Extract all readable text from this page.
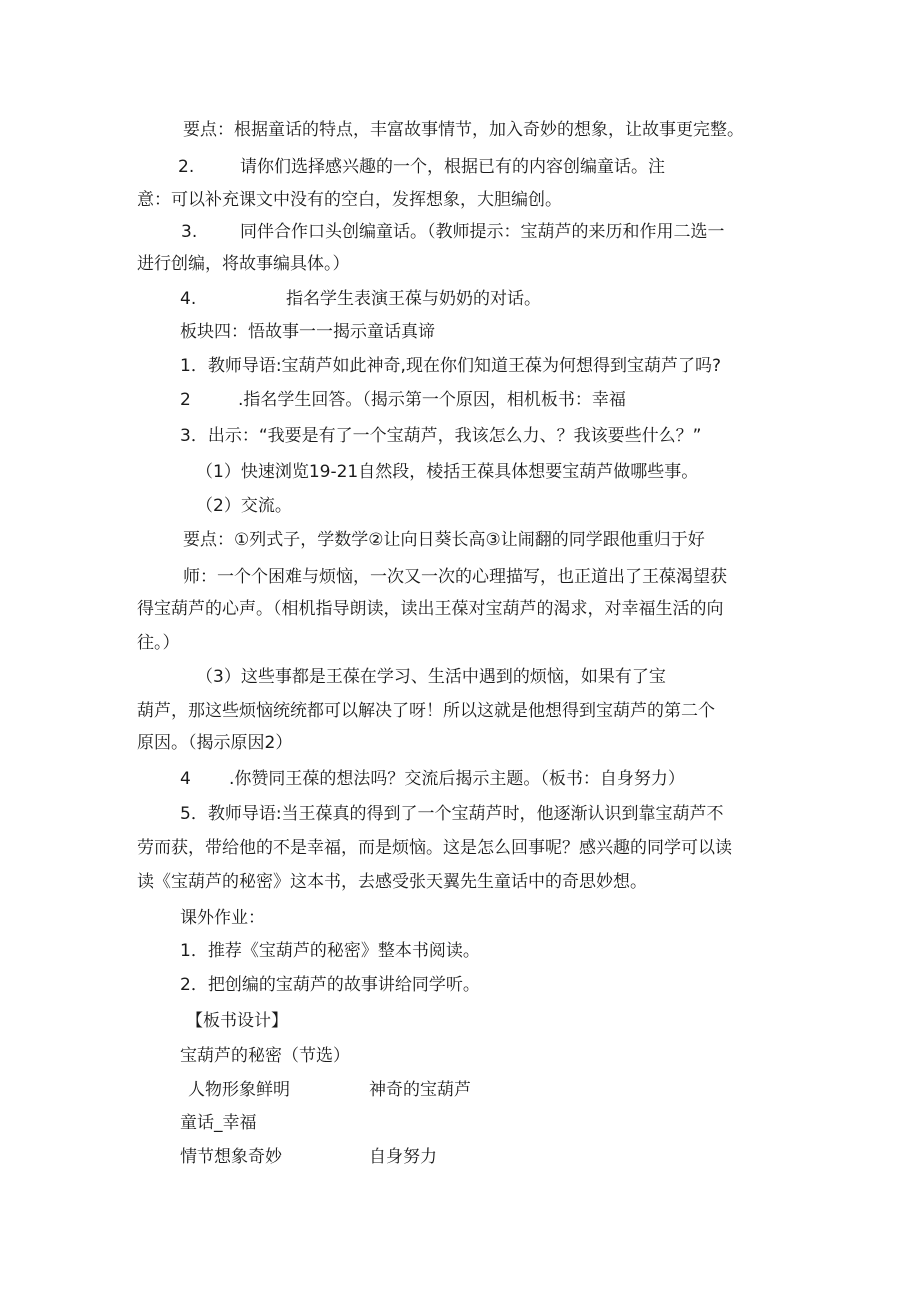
要点：根据童话的特点，丰富故事情节，加入奇妙的想象，让故事更完整。
2.	请你们选择感兴趣的一个，根据已有的内容创编童话。注
意：可以补充课文中没有的空白，发挥想象，大胆编创。
3.	同伴合作口头创编童话。（教师提示：宝葫芦的来历和作用二选一
进行创编，将故事编具体。）
4.	指名学生表演王葆与奶奶的对话。
板块四：悟故事一一揭示童话真谛
1．教师导语:宝葫芦如此神奇,现在你们知道王葆为何想得到宝葫芦了吗?
2	.指名学生回答。（揭示第一个原因，相机板书：幸福
3．出示：“我要是有了一个宝葫芦，我该怎么力、？我该要些什么？”
（1）快速浏览19-21自然段，棱括王葆具体想要宝葫芦做哪些事。
（2）交流。
要点：①列式子，学数学②让向日葵长高③让闹翻的同学跟他重归于好
师：一个个困难与烦恼，一次又一次的心理描写，也正道出了王葆渴望获
得宝葫芦的心声。（相机指导朗读，读出王葆对宝葫芦的渴求，对幸福生活的向
往。）
（3）这些事都是王葆在学习、生活中遇到的烦恼，如果有了宝
葫芦，那这些烦恼统统都可以解决了呀！所以这就是他想得到宝葫芦的第二个
原因。（揭示原因2）
4 .你赞同王葆的想法吗？交流后揭示主题。（板书：自身努力）
5．教师导语:当王葆真的得到了一个宝葫芦时，他逐渐认识到靠宝葫芦不
劳而获，带给他的不是幸福，而是烦恼。这是怎么回事呢？感兴趣的同学可以读
读《宝葫芦的秘密》这本书，去感受张天翼先生童话中的奇思妙想。
课外作业：
1．推荐《宝葫芦的秘密》整本书阅读。
2．把创编的宝葫芦的故事讲给同学听。
【板书设计】
宝葫芦的秘密（节选）
人物形象鲜明	神奇的宝葫芦
童话_幸福
情节想象奇妙	自身努力
